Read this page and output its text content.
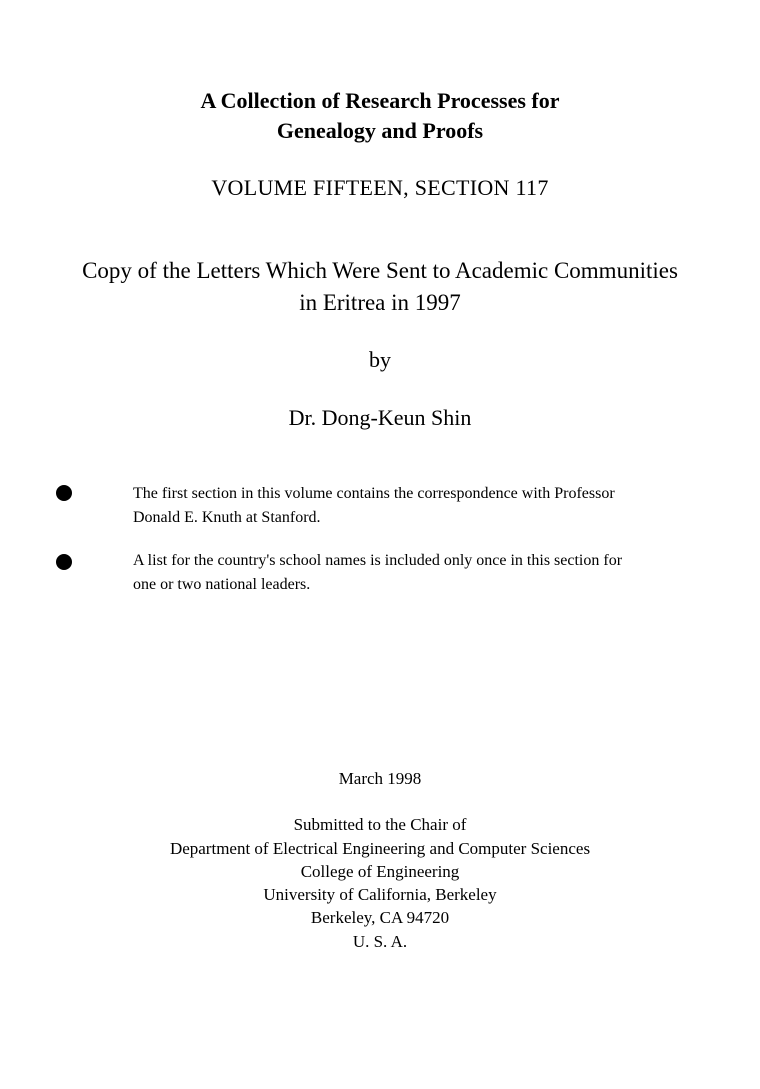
A Collection of Research Processes for
Genealogy and Proofs
VOLUME FIFTEEN, SECTION 117
Copy of the Letters Which Were Sent to Academic Communities
in Eritrea in 1997
by
Dr. Dong-Keun Shin
The first section in this volume contains the correspondence with Professor
Donald E. Knuth at Stanford.
A list for the country's school names is included only once in this section for
one or two national leaders.
March 1998
Submitted to the Chair of
Department of Electrical Engineering and Computer Sciences
College of Engineering
University of California, Berkeley
Berkeley, CA 94720
U. S. A.
